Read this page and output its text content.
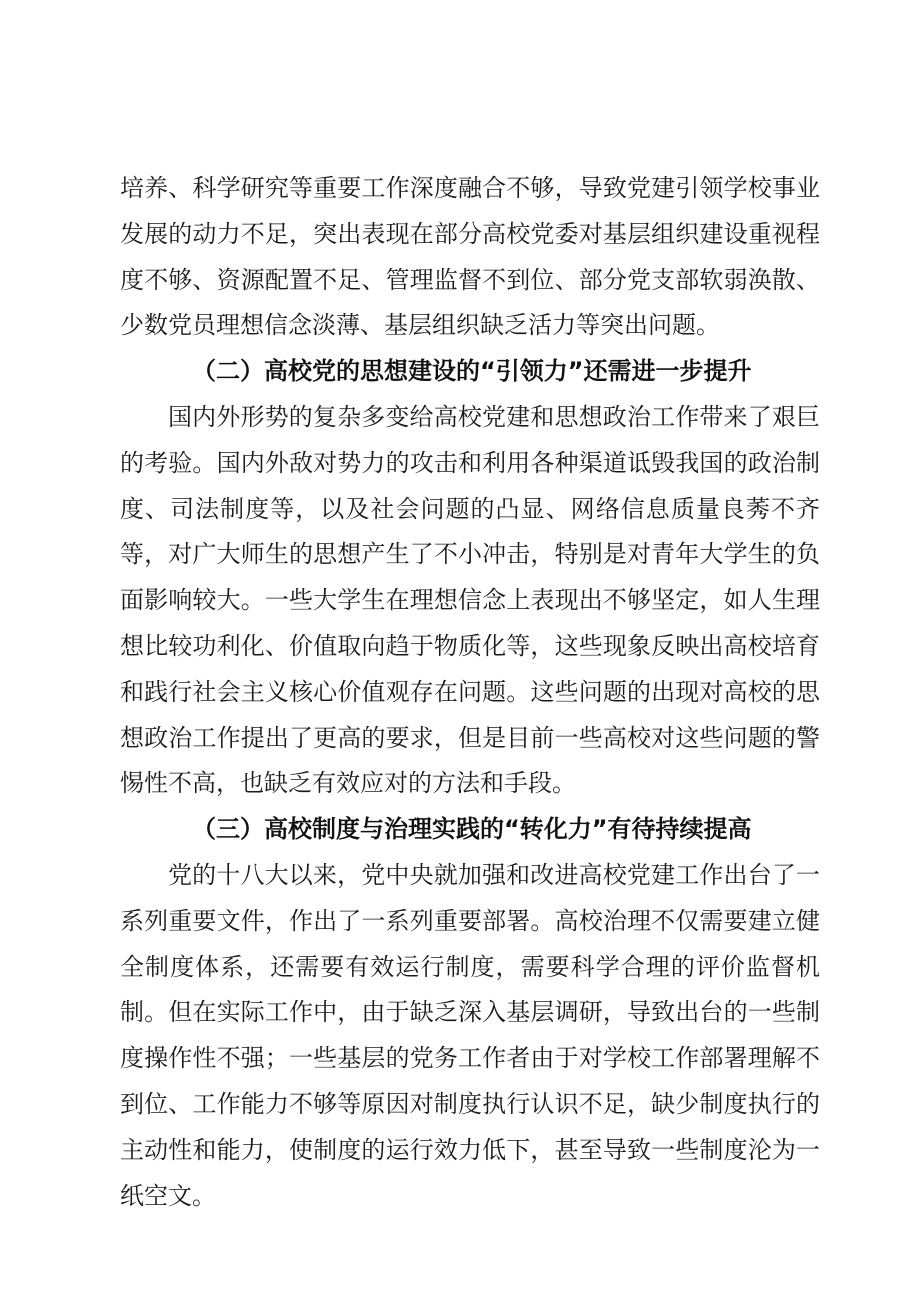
培养、科学研究等重要工作深度融合不够，导致党建引领学校事业发展的动力不足，突出表现在部分高校党委对基层组织建设重视程度不够、资源配置不足、管理监督不到位、部分党支部软弱涣散、少数党员理想信念淡薄、基层组织缺乏活力等突出问题。

（二）高校党的思想建设的“引领力”还需进一步提升

国内外形势的复杂多变给高校党建和思想政治工作带来了艰巨的考验。国内外敌对势力的攻击和利用各种渠道诋毁我国的政治制度、司法制度等，以及社会问题的凸显、网络信息质量良莠不齐等，对广大师生的思想产生了不小冲击，特别是对青年大学生的负面影响较大。一些大学生在理想信念上表现出不够坚定，如人生理想比较功利化、价值取向趋于物质化等，这些现象反映出高校培育和践行社会主义核心价值观存在问题。这些问题的出现对高校的思想政治工作提出了更高的要求，但是目前一些高校对这些问题的警惕性不高，也缺乏有效应对的方法和手段。

（三）高校制度与治理实践的“转化力”有待持续提高

党的十八大以来，党中央就加强和改进高校党建工作出台了一系列重要文件，作出了一系列重要部署。高校治理不仅需要建立健全制度体系，还需要有效运行制度，需要科学合理的评价监督机制。但在实际工作中，由于缺乏深入基层调研，导致出台的一些制度操作性不强；一些基层的党务工作者由于对学校工作部署理解不到位、工作能力不够等原因对制度执行认识不足，缺少制度执行的主动性和能力，使制度的运行效力低下，甚至导致一些制度沦为一纸空文。
